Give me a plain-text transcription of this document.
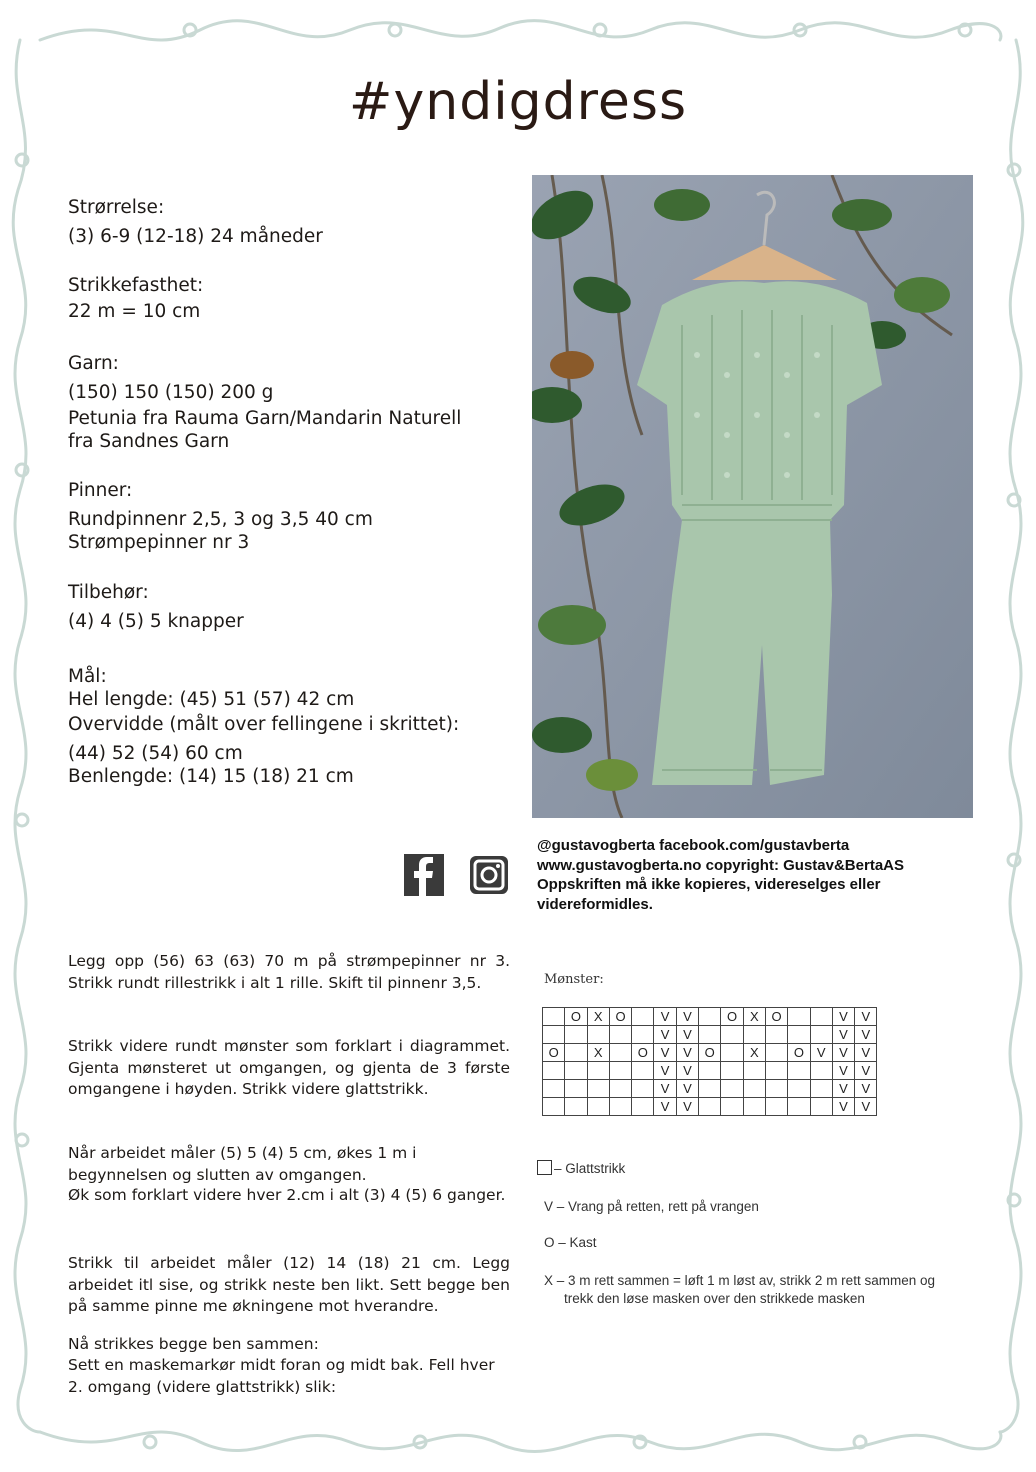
#yndigdress
Strørrelse:
(3) 6-9 (12-18) 24 måneder
Strikkefasthet:
22 m = 10 cm
Garn:
(150) 150 (150) 200 g
Petunia fra Rauma Garn/Mandarin Naturell
fra Sandnes Garn
Pinner:
Rundpinnenr 2,5, 3 og 3,5 40 cm
Strømpepinner nr 3
Tilbehør:
(4) 4 (5) 5 knapper
Mål:
Hel lengde: (45) 51 (57) 42 cm
Overvidde (målt over fellingene i skrittet):
(44) 52 (54) 60 cm
Benlengde: (14) 15 (18) 21 cm
@gustavogberta facebook.com/gustavberta
www.gustavogberta.no copyright: Gustav&BertaAS
Oppskriften må ikke kopieres, videreselges eller
videreformidles.
Legg opp (56) 63 (63) 70 m på strømpepinner nr 3. Strikk rundt rillestrikk i alt 1 rille. Skift til pinnenr 3,5.
Strikk videre rundt mønster som forklart i diagrammet. Gjenta mønsteret ut omgangen, og gjenta de 3 første omgangene i høyden. Strikk videre glattstrikk.
Når arbeidet måler (5) 5 (4) 5 cm, økes 1 m i begynnelsen og slutten av omgangen.
Øk som forklart videre hver 2.cm i alt (3) 4 (5) 6 ganger.
Strikk til arbeidet måler (12) 14 (18) 21 cm. Legg arbeidet itl sise, og strikk neste ben likt. Sett begge ben på samme pinne me økningene mot hverandre.
Nå strikkes begge ben sammen:
Sett en maskemarkør midt foran og midt bak. Fell hver 2. omgang (videre glattstrikk) slik:
Mønster:
	O	X	O		V	V		O	X	O			V	V
					V	V							V	V
O		X		O	V	V	O		X		O	V	V	V
					V	V							V	V
					V	V							V	V
					V	V							V	V
– Glattstrikk
V – Vrang på retten, rett på vrangen
O – Kast
X – 3 m rett sammen = løft 1 m løst av, strikk 2 m rett sammen og
trekk den løse masken over den strikkede masken
